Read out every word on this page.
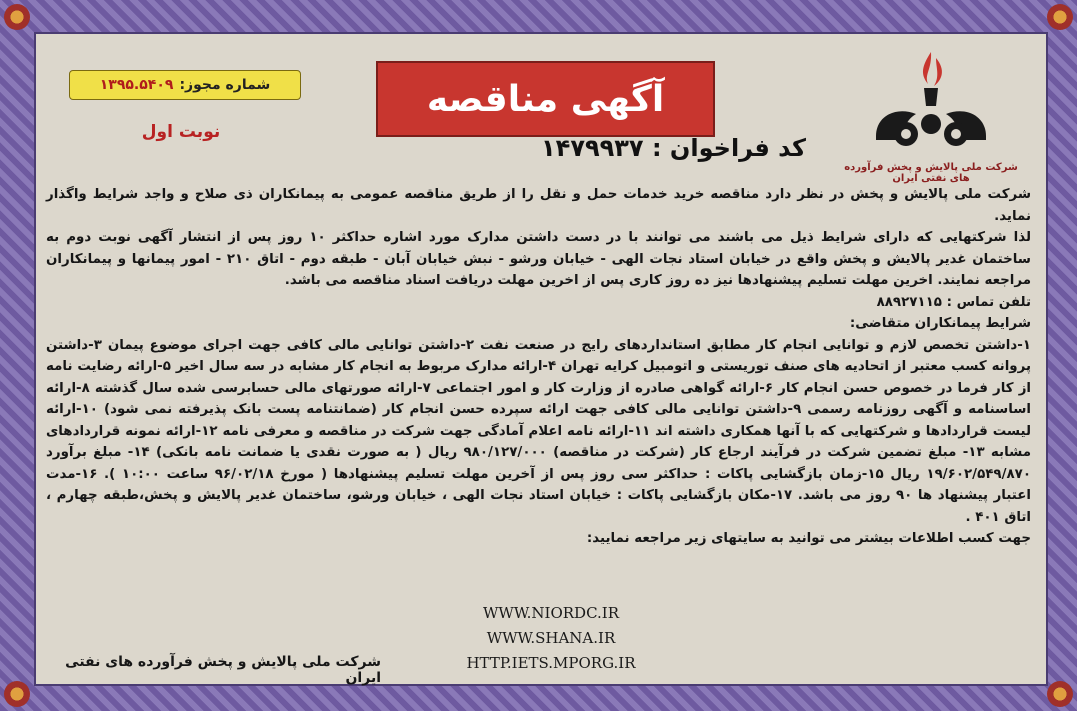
شماره مجوز:
۱۳۹۵.۵۴۰۹
نوبت اول
آگهی مناقصه
کد فراخوان : ۱۴۷۹۹۳۷
شرکت ملی پالایش و پخش فرآورده های نفتی ایران

شرکت ملی پالایش و پخش در نظر دارد مناقصه خرید خدمات حمل و نقل را از طریق مناقصه عمومی به پیمانکاران ذی صلاح و واجد شرایط واگذار نماید.

لذا شرکتهایی که دارای شرایط ذیل می باشند می توانند با در دست داشتن مدارک مورد اشاره حداکثر ۱۰ روز پس از انتشار آگهی نوبت دوم به ساختمان غدیر پالایش و پخش واقع در خیابان استاد نجات الهی - خیابان ورشو - نبش خیابان آبان - طبقه دوم - اتاق ۲۱۰ - امور پیمانها و پیمانکاران مراجعه نمایند. اخرین مهلت تسلیم پیشنهادها نیز ده روز کاری پس از اخرین مهلت دریافت اسناد مناقصه می باشد.

تلفن تماس : ۸۸۹۲۷۱۱۵

شرایط پیمانکاران متقاضی:

۱-داشتن تخصص لازم و توانایی انجام کار مطابق استانداردهای رایج در صنعت نفت ۲-داشتن توانایی مالی کافی جهت اجرای موضوع پیمان ۳-داشتن پروانه کسب معتبر از اتحادیه های صنف توریستی و اتومبیل کرایه تهران ۴-ارائه مدارک مربوط به انجام کار مشابه در سه سال اخیر ۵-ارائه رضایت نامه از کار فرما در خصوص حسن انجام کار ۶-ارائه گواهی صادره از وزارت کار و امور اجتماعی ۷-ارائه صورتهای مالی حسابرسی شده سال گذشته ۸-ارائه اساسنامه و آگهی روزنامه رسمی ۹-داشتن توانایی مالی کافی جهت ارائه سپرده حسن انجام کار (ضمانتنامه پست بانک پذیرفته نمی شود) ۱۰-ارائه لیست قراردادها و شرکتهایی که با آنها همکاری داشته اند ۱۱-ارائه نامه اعلام آمادگی جهت شرکت در مناقصه و معرفی نامه ۱۲-ارائه نمونه قراردادهای مشابه ۱۳- مبلغ تضمین شرکت در فرآیند ارجاع کار (شرکت در مناقصه) ۹۸۰/۱۲۷/۰۰۰ ریال ( به صورت نقدی یا ضمانت نامه بانکی) ۱۴- مبلغ برآورد ۱۹/۶۰۲/۵۴۹/۸۷۰ ریال ۱۵-زمان بازگشایی پاکات : حداکثر سی روز پس از آخرین مهلت تسلیم پیشنهادها ( مورخ ۹۶/۰۲/۱۸ ساعت ۱۰:۰۰ ). ۱۶-مدت اعتبار پیشنهاد ها ۹۰ روز می باشد. ۱۷-مکان بازگشایی پاکات : خیابان استاد نجات الهی ، خیابان ورشو، ساختمان غدیر پالایش و پخش،طبقه چهارم ، اتاق ۴۰۱ .

جهت کسب اطلاعات بیشتر می توانید به سایتهای زیر مراجعه نمایید:

WWW.NIORDC.IR
WWW.SHANA.IR
HTTP.IETS.MPORG.IR
شرکت ملی پالایش و پخش فرآورده های نفتی ایران
